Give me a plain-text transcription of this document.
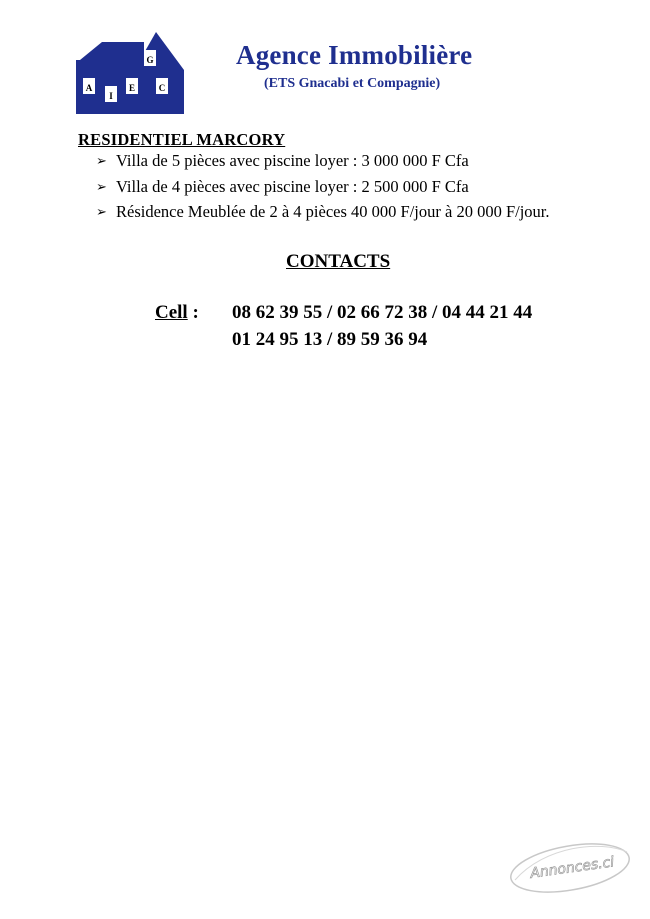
A
I
E	C
G	Agence Immobilière
(ETS Gnacabi et Compagnie)
RESIDENTIEL MARCORY
➢ Villa de 5 pièces avec piscine loyer : 3 000 000 F Cfa
➢ Villa de 4 pièces avec piscine loyer : 2 500 000 F Cfa
➢ Résidence Meublée de 2 à 4 pièces 40 000 F/jour à 20 000 F/jour.
CONTACTS
Cell : 08 62 39 55 / 02 66 72 38 / 04 44 21 44
01 24 95 13 / 89 59 36 94
Annonces.ci
